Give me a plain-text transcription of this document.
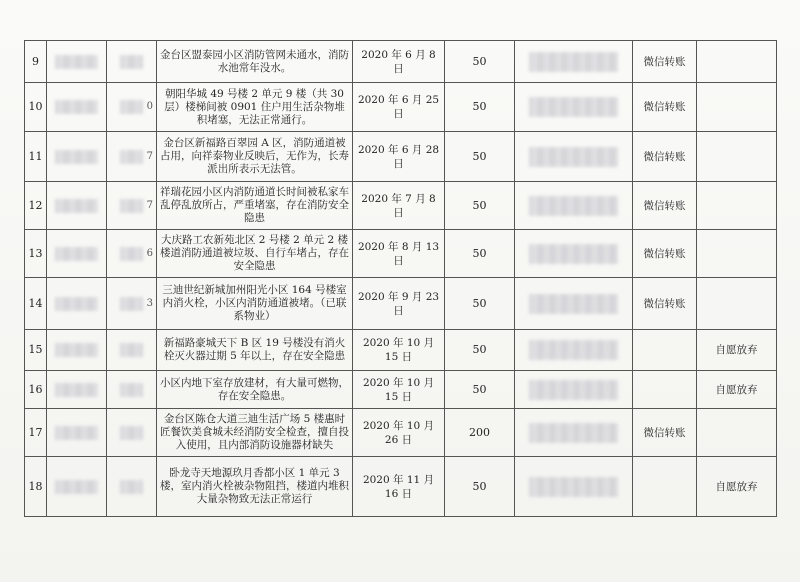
9			金台区盟泰园小区消防管网未通水，消防水池常年没水。	2020 年 6 月 8 日	50		微信转账	
10		0	朝阳华城 49 号楼 2 单元 9 楼（共 30 层）楼梯间被 0901 住户用生活杂物堆积堵塞，无法正常通行。	2020 年 6 月 25 日	50		微信转账	
11		7	金台区新福路百翠园 A 区，消防通道被占用，向祥泰物业反映后，无作为，长寿派出所表示无法管。	2020 年 6 月 28 日	50		微信转账	
12		7	祥瑞花园小区内消防通道长时间被私家车乱停乱放所占，严重堵塞，存在消防安全隐患	2020 年 7 月 8 日	50		微信转账	
13		6	大庆路工农新苑北区 2 号楼 2 单元 2 楼楼道消防通道被垃圾、自行车堵占，存在安全隐患	2020 年 8 月 13 日	50		微信转账	
14		3	三迪世纪新城加州阳光小区 164 号楼室内消火栓，小区内消防通道被堵。（已联系物业）	2020 年 9 月 23 日	50		微信转账	
15			新福路豪城天下 B 区 19 号楼没有消火栓灭火器过期 5 年以上，存在安全隐患	2020 年 10 月 15 日	50			自愿放弃
16			小区内地下室存放建材，有大量可燃物，存在安全隐患。	2020 年 10 月 15 日	50			自愿放弃
17			金台区陈仓大道三迪生活广场 5 楼惠时匠餐饮美食城未经消防安全检查，擅自投入使用，且内部消防设施器材缺失	2020 年 10 月 26 日	200		微信转账	
18			卧龙寺天地源玖月香都小区 1 单元 3 楼，室内消火栓被杂物阻挡，楼道内堆积大量杂物致无法正常运行	2020 年 11 月 16 日	50			自愿放弃
